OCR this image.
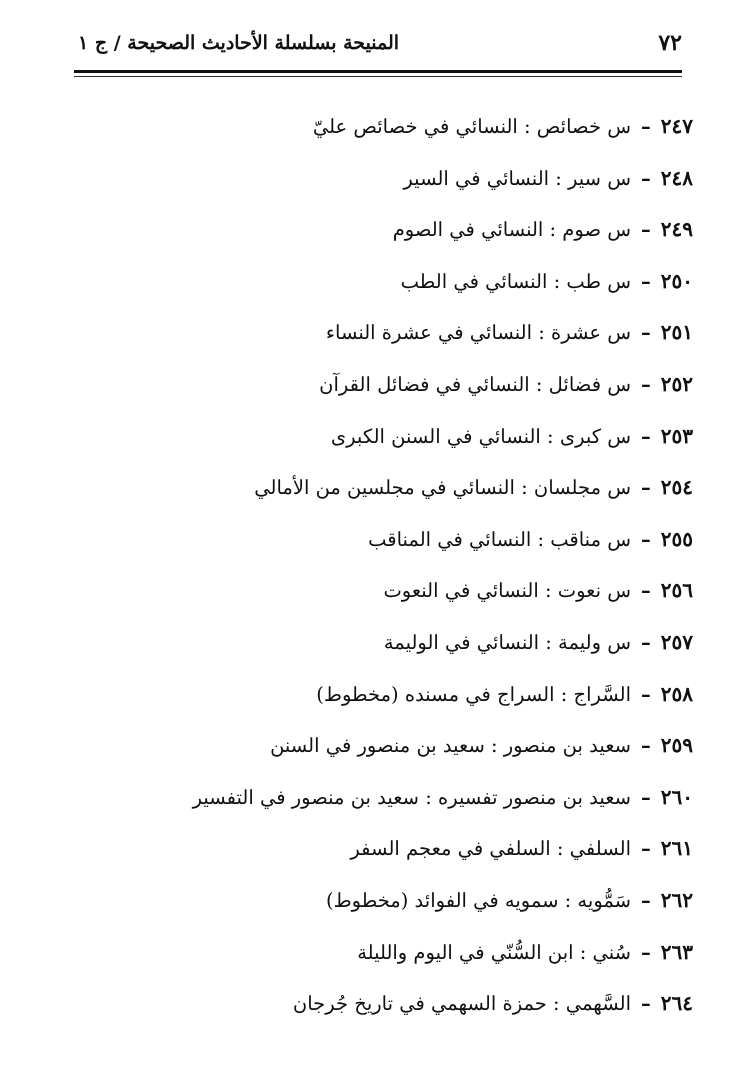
٧٢
المنيحة بسلسلة الأحاديث الصحيحة / ج ١
٢٤٧–س خصائص : النسائي في خصائص عليّ
٢٤٨–س سير : النسائي في السير
٢٤٩–س صوم : النسائي في الصوم
٢٥٠–س طب : النسائي في الطب
٢٥١–س عشرة : النسائي في عشرة النساء
٢٥٢–س فضائل : النسائي في فضائل القرآن
٢٥٣–س كبرى : النسائي في السنن الكبرى
٢٥٤–س مجلسان : النسائي في مجلسين من الأمالي
٢٥٥–س مناقب : النسائي في المناقب
٢٥٦–س نعوت : النسائي في النعوت
٢٥٧–س وليمة : النسائي في الوليمة
٢٥٨–السَّراج : السراج في مسنده (مخطوط)
٢٥٩–سعيد بن منصور : سعيد بن منصور في السنن
٢٦٠–سعيد بن منصور تفسيره : سعيد بن منصور في التفسير
٢٦١–السلفي : السلفي في معجم السفر
٢٦٢–سَمُّويه : سمويه في الفوائد (مخطوط)
٢٦٣–سُني : ابن السُّنّي في اليوم والليلة
٢٦٤–السَّهمي : حمزة السهمي في تاريخ جُرجان
